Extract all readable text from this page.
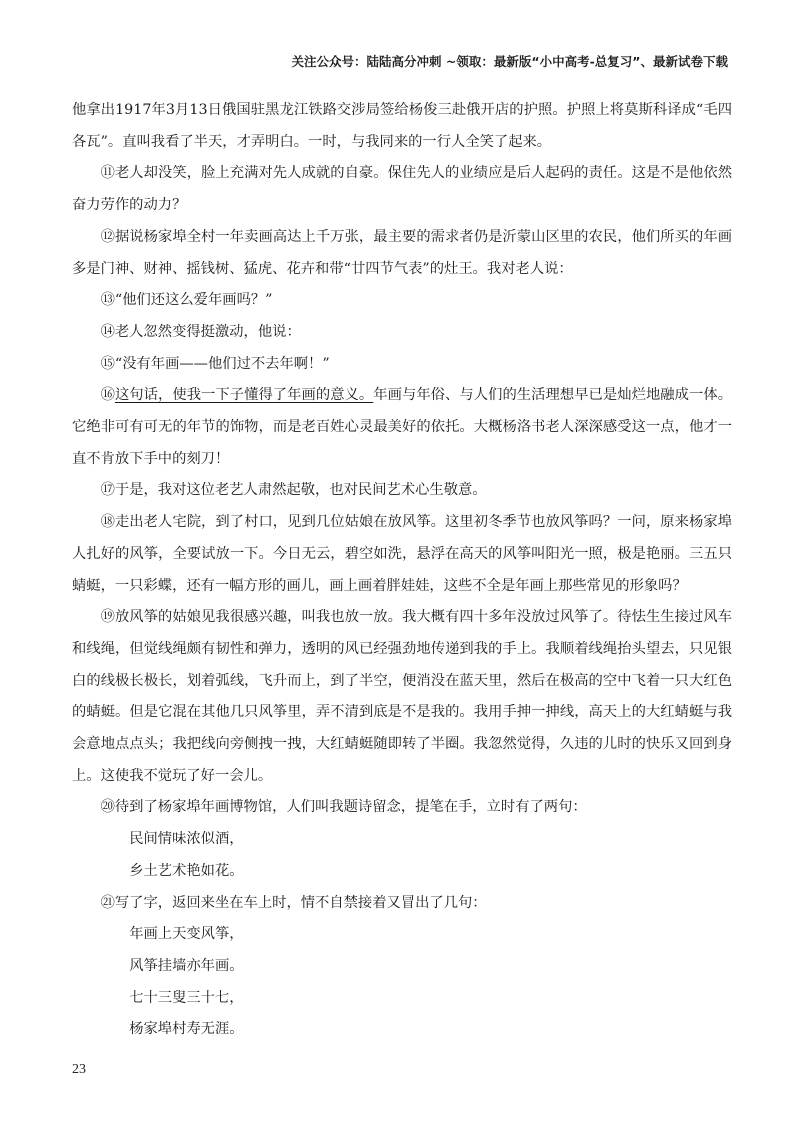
关注公众号：陆陆高分冲刺 ~领取：最新版“小中高考-总复习”、最新试卷下载

他拿出1917年3月13日俄国驻黑龙江铁路交涉局签给杨俊三赴俄开店的护照。护照上将莫斯科译成“毛四各瓦”。直叫我看了半天，才弄明白。一时，与我同来的一行人全笑了起来。

⑪老人却没笑，脸上充满对先人成就的自豪。保住先人的业绩应是后人起码的责任。这是不是他依然奋力劳作的动力？

⑫据说杨家埠全村一年卖画高达上千万张，最主要的需求者仍是沂蒙山区里的农民，他们所买的年画多是门神、财神、摇钱树、猛虎、花卉和带“廿四节气表”的灶王。我对老人说：

⑬“他们还这么爱年画吗？”

⑭老人忽然变得挺激动，他说：

⑮“没有年画——他们过不去年啊！”

⑯这句话，使我一下子懂得了年画的意义。年画与年俗、与人们的生活理想早已是灿烂地融成一体。它绝非可有可无的年节的饰物，而是老百姓心灵最美好的依托。大概杨洛书老人深深感受这一点，他才一直不肯放下手中的刻刀！

⑰于是，我对这位老艺人肃然起敬，也对民间艺术心生敬意。

⑱走出老人宅院，到了村口，见到几位姑娘在放风筝。这里初冬季节也放风筝吗？一问，原来杨家埠人扎好的风筝，全要试放一下。今日无云，碧空如洗，悬浮在高天的风筝叫阳光一照，极是艳丽。三五只蜻蜓，一只彩蝶，还有一幅方形的画儿，画上画着胖娃娃，这些不全是年画上那些常见的形象吗？

⑲放风筝的姑娘见我很感兴趣，叫我也放一放。我大概有四十多年没放过风筝了。待怯生生接过风车和线绳，但觉线绳颇有韧性和弹力，透明的风已经强劲地传递到我的手上。我顺着线绳抬头望去，只见银白的线极长极长，划着弧线，飞升而上，到了半空，便消没在蓝天里，然后在极高的空中飞着一只大红色的蜻蜓。但是它混在其他几只风筝里，弄不清到底是不是我的。我用手抻一抻线，高天上的大红蜻蜓与我会意地点点头；我把线向旁侧拽一拽，大红蜻蜓随即转了半圈。我忽然觉得，久违的儿时的快乐又回到身上。这使我不觉玩了好一会儿。

⑳待到了杨家埠年画博物馆，人们叫我题诗留念，提笔在手，立时有了两句：

民间情味浓似酒，

乡土艺术艳如花。

㉑写了字，返回来坐在车上时，情不自禁接着又冒出了几句：

年画上天变风筝，

风筝挂墙亦年画。

七十三叟三十七，

杨家埠村寿无涯。

23
